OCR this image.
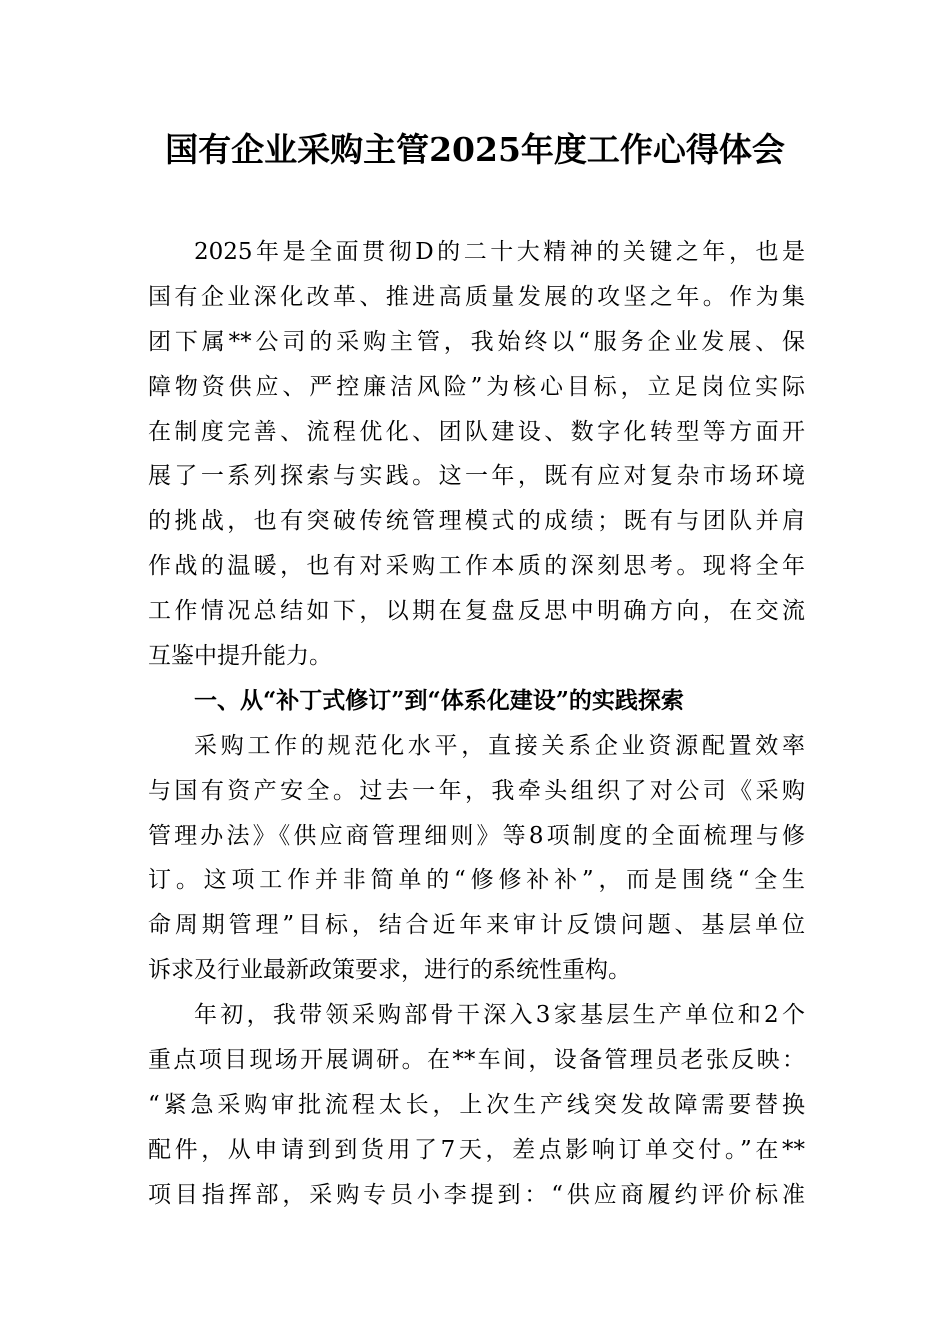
国有企业采购主管2025年度工作心得体会
2025年是全面贯彻D的二十大精神的关键之年，也是
国有企业深化改革、推进高质量发展的攻坚之年。作为集
团下属**公司的采购主管，我始终以“服务企业发展、保
障物资供应、严控廉洁风险”为核心目标，立足岗位实际
在制度完善、流程优化、团队建设、数字化转型等方面开
展了一系列探索与实践。这一年，既有应对复杂市场环境
的挑战，也有突破传统管理模式的成绩；既有与团队并肩
作战的温暖，也有对采购工作本质的深刻思考。现将全年
工作情况总结如下，以期在复盘反思中明确方向，在交流
互鉴中提升能力。
一、从“补丁式修订”到“体系化建设”的实践探索
采购工作的规范化水平，直接关系企业资源配置效率
与国有资产安全。过去一年，我牵头组织了对公司《采购
管理办法》《供应商管理细则》等8项制度的全面梳理与修
订。这项工作并非简单的“修修补补”，而是围绕“全生
命周期管理”目标，结合近年来审计反馈问题、基层单位
诉求及行业最新政策要求，进行的系统性重构。
年初，我带领采购部骨干深入3家基层生产单位和2个
重点项目现场开展调研。在**车间，设备管理员老张反映：
“紧急采购审批流程太长，上次生产线突发故障需要替换
配件，从申请到到货用了7天，差点影响订单交付。”在**
项目指挥部，采购专员小李提到：“供应商履约评价标准
